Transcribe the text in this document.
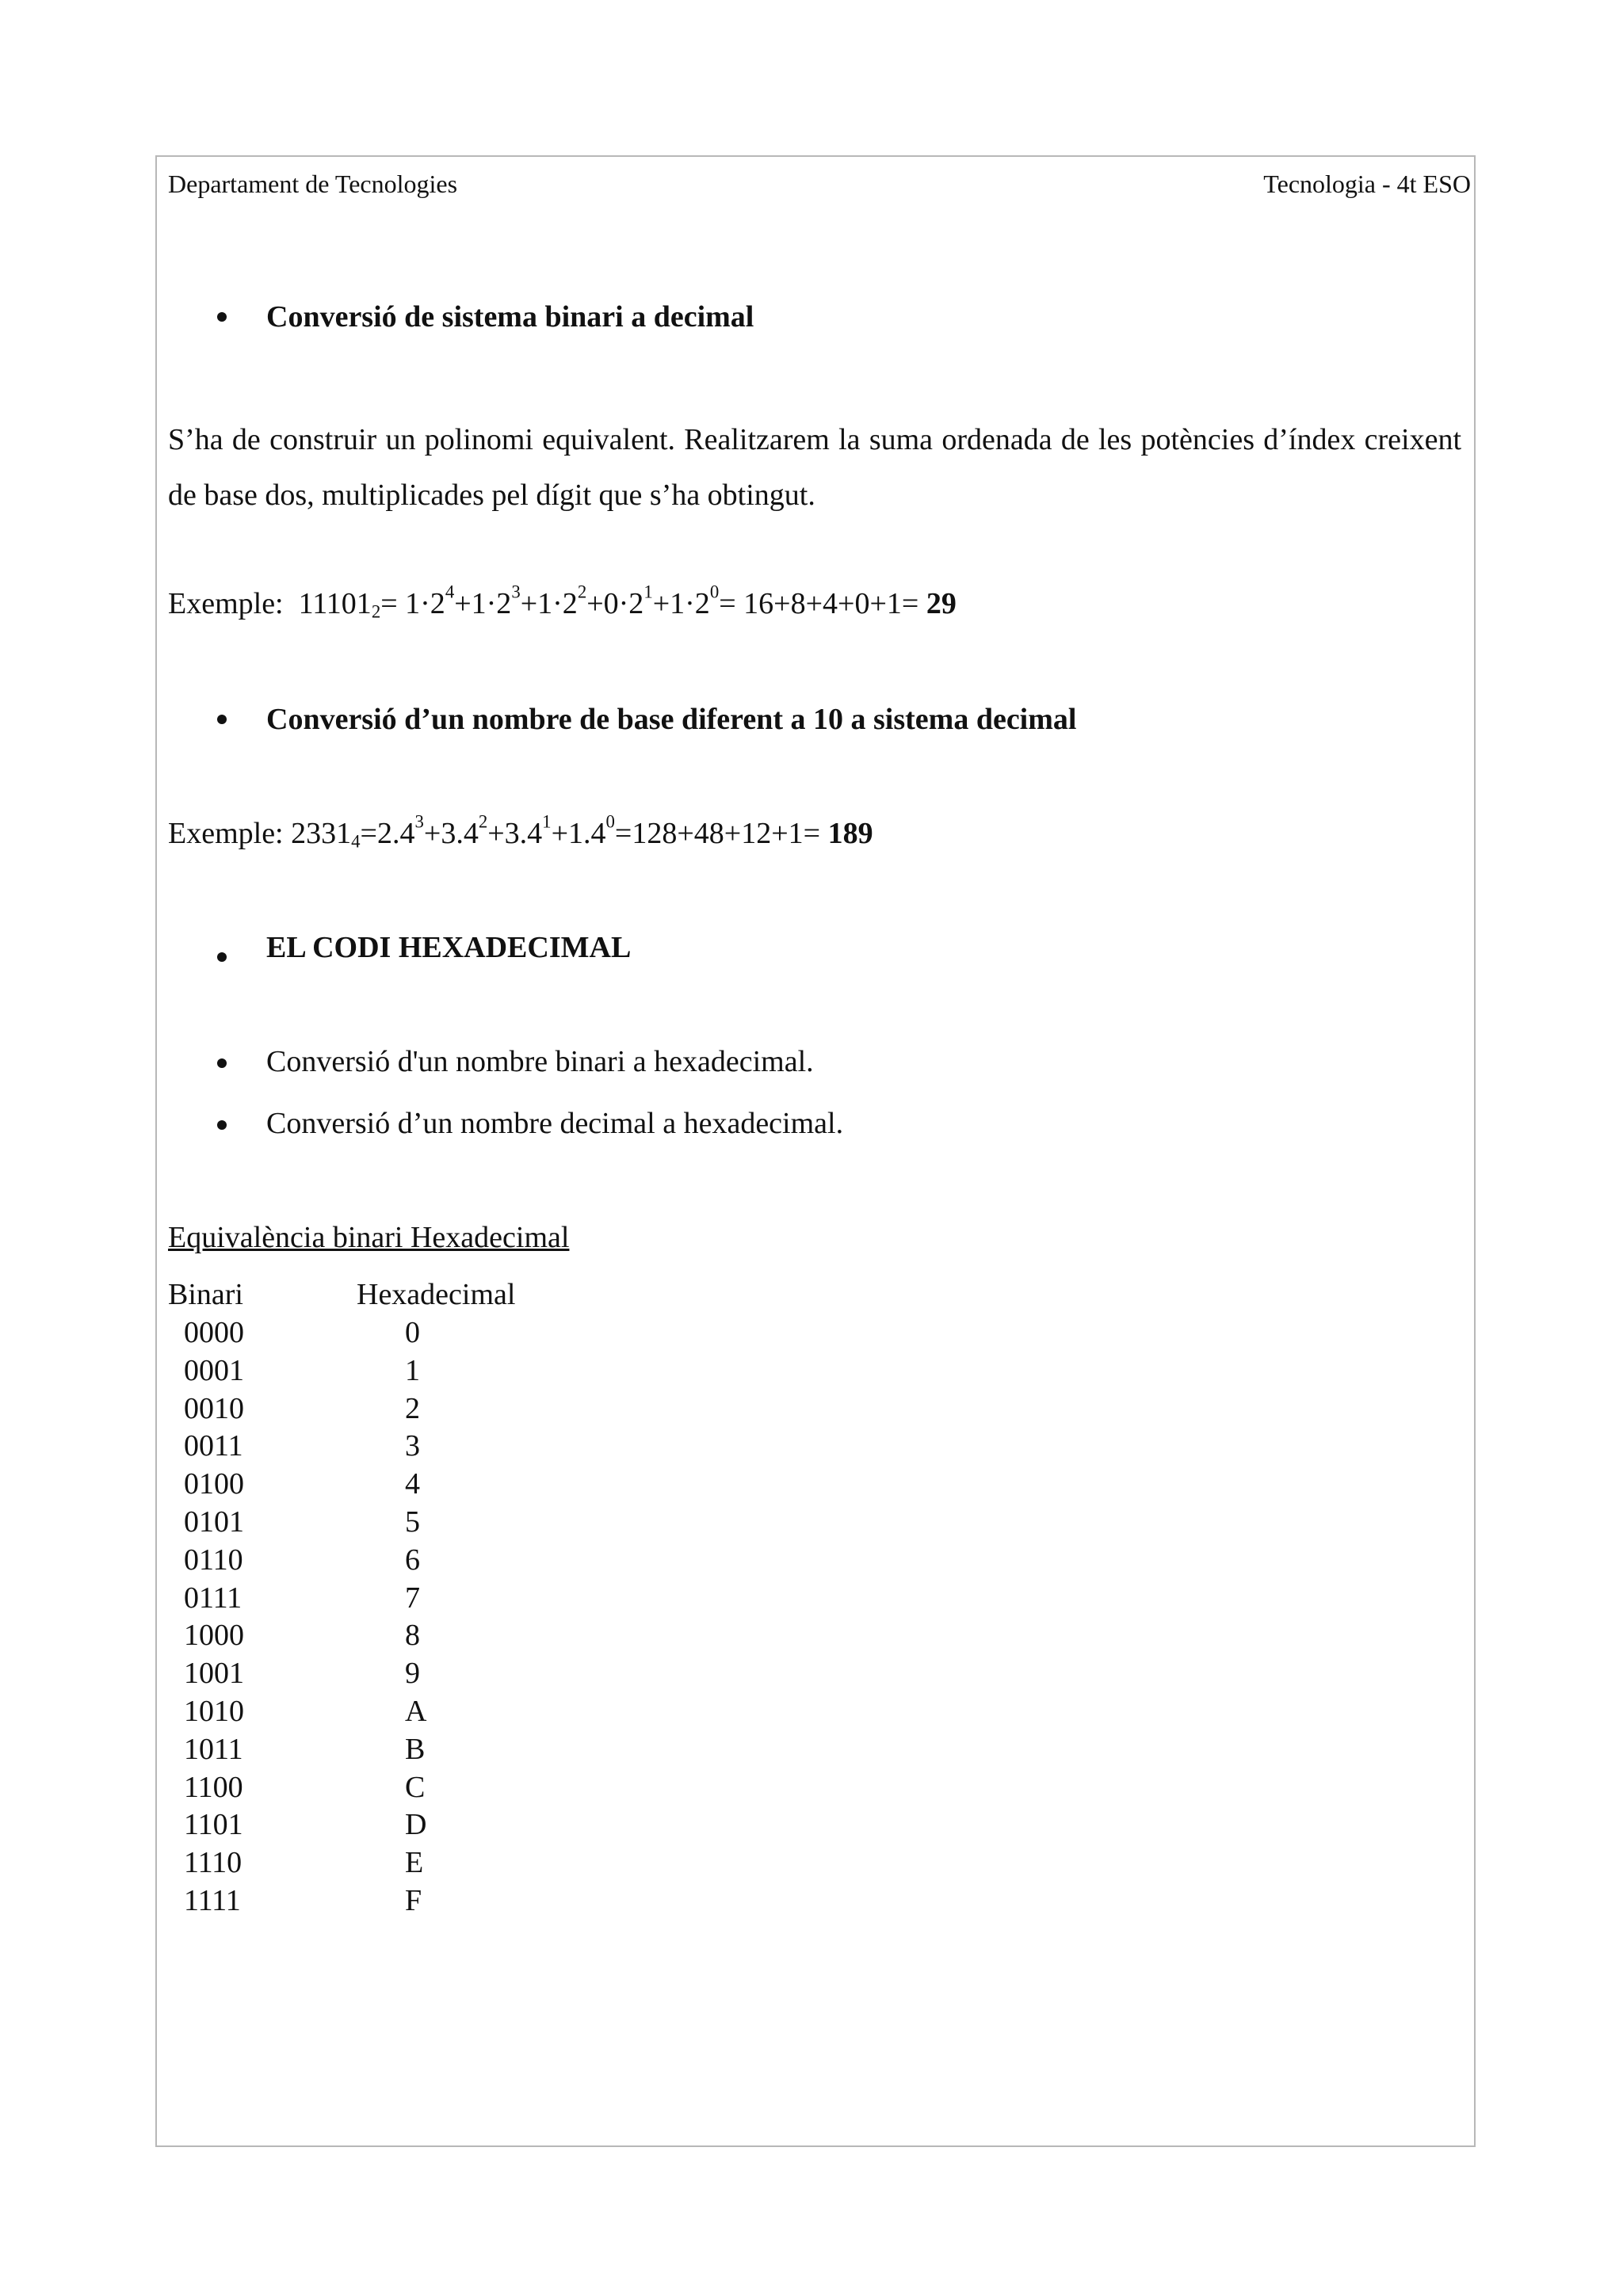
Departament de Tecnologies	Tecnologia - 4t ESO
Conversió de sistema binari a decimal
S’ha de construir un polinomi equivalent. Realitzarem la suma ordenada de les potències d’índex creixent de base dos, multiplicades pel dígit que s’ha obtingut.
Exemple: $11101_2= 1\cdot 2^4+1\cdot 2^3+1\cdot 2^2+0\cdot 2^1+1\cdot 2^0= 16+8+4+0+1= 29$
Conversió d’un nombre de base diferent a 10 a sistema decimal
Exemple: $2331_4=2.4^3+3.4^2+3.4^1+1.4^0=128+48+12+1= 189$
EL CODI HEXADECIMAL
Conversió d'un nombre binari a hexadecimal.
Conversió d’un nombre decimal a hexadecimal.
Equivalència binari Hexadecimal
Binari	Hexadecimal
0000	0
0001	1
0010	2
0011	3
0100	4
0101	5
0110	6
0111	7
1000	8
1001	9
1010	A
1011	B
1100	C
1101	D
1110	E
1111	F
